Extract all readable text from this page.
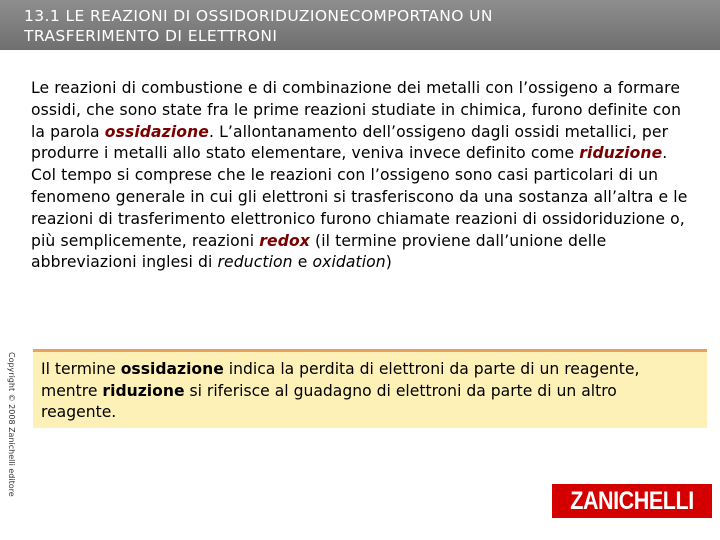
13.1 LE REAZIONI DI OSSIDORIDUZIONECOMPORTANO UN
TRASFERIMENTO DI ELETTRONI

Le reazioni di combustione e di combinazione dei metalli con l’ossigeno a formare ossidi, che sono state fra le prime reazioni studiate in chimica, furono definite con la parola ossidazione. L’allontanamento dell’ossigeno dagli ossidi metallici, per produrre i metalli allo stato elementare, veniva invece definito come riduzione.

Col tempo si comprese che le reazioni con l’ossigeno sono casi particolari di un fenomeno generale in cui gli elettroni si trasferiscono da una sostanza all’altra e le reazioni di trasferimento elettronico furono chiamate reazioni di ossidoriduzione o, più semplicemente, reazioni redox (il termine proviene dall’unione delle abbreviazioni inglesi di reduction e oxidation)

Copyright © 2008 Zanichelli editore Il termine ossidazione indica la perdita di elettroni da parte di un reagente, mentre riduzione si riferisce al guadagno di elettroni da parte di un altro reagente.
ZANICHELLI
